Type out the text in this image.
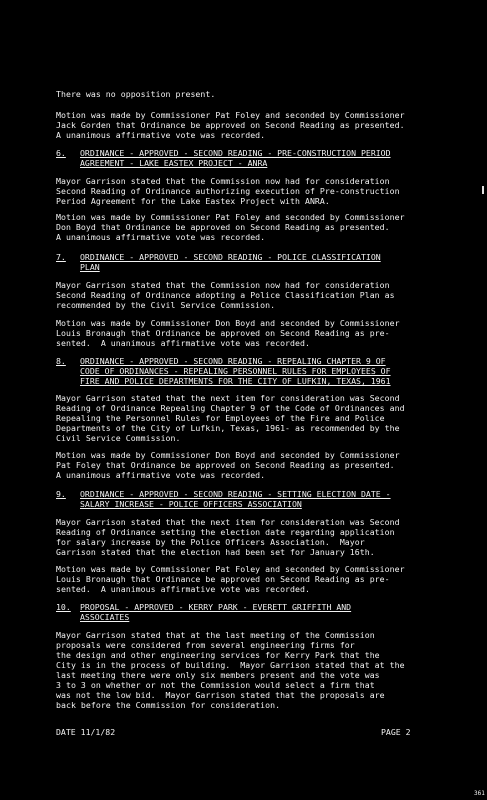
There was no opposition present.
Motion was made by Commissioner Pat Foley and seconded by Commissioner
Jack Gorden that Ordinance be approved on Second Reading as presented.
A unanimous affirmative vote was recorded.

6.

ORDINANCE - APPROVED - SECOND READING - PRE-CONSTRUCTION PERIOD
AGREEMENT - LAKE EASTEX PROJECT - ANRA

Mayor Garrison stated that the Commission now had for consideration
Second Reading of Ordinance authorizing execution of Pre-construction
Period Agreement for the Lake Eastex Project with ANRA.
Motion was made by Commissioner Pat Foley and seconded by Commissioner
Don Boyd that Ordinance be approved on Second Reading as presented.
A unanimous affirmative vote was recorded.

7.

ORDINANCE - APPROVED - SECOND READING - POLICE CLASSIFICATION
PLAN

Mayor Garrison stated that the Commission now had for consideration
Second Reading of Ordinance adopting a Police Classification Plan as
recommended by the Civil Service Commission.
Motion was made by Commissioner Don Boyd and seconded by Commissioner
Louis Bronaugh that Ordinance be approved on Second Reading as pre-
sented.  A unanimous affirmative vote was recorded.

8.

ORDINANCE - APPROVED - SECOND READING - REPEALING CHAPTER 9 OF
CODE OF ORDINANCES - REPEALING PERSONNEL RULES FOR EMPLOYEES OF
FIRE AND POLICE DEPARTMENTS FOR THE CITY OF LUFKIN, TEXAS, 1961

Mayor Garrison stated that the next item for consideration was Second
Reading of Ordinance Repealing Chapter 9 of the Code of Ordinances and
Repealing the Personnel Rules for Employees of the Fire and Police
Departments of the City of Lufkin, Texas, 1961- as recommended by the
Civil Service Commission.
Motion was made by Commissioner Don Boyd and seconded by Commissioner
Pat Foley that Ordinance be approved on Second Reading as presented.
A unanimous affirmative vote was recorded.

9.

ORDINANCE - APPROVED - SECOND READING - SETTING ELECTION DATE -
SALARY INCREASE - POLICE OFFICERS ASSOCIATION

Mayor Garrison stated that the next item for consideration was Second
Reading of Ordinance setting the election date regarding application
for salary increase by the Police Officers Association.  Mayor
Garrison stated that the election had been set for January 16th.
Motion was made by Commissioner Pat Foley and seconded by Commissioner
Louis Bronaugh that Ordinance be approved on Second Reading as pre-
sented.  A unanimous affirmative vote was recorded.

10.

PROPOSAL - APPROVED - KERRY PARK - EVERETT GRIFFITH AND
ASSOCIATES

Mayor Garrison stated that at the last meeting of the Commission
proposals were considered from several engineering firms for
the design and other engineering services for Kerry Park that the
City is in the process of building.  Mayor Garrison stated that at the
last meeting there were only six members present and the vote was
3 to 3 on whether or not the Commission would select a firm that
was not the low bid.  Mayor Garrison stated that the proposals are
back before the Commission for consideration.
DATE 11/1/82	PAGE 2
361
